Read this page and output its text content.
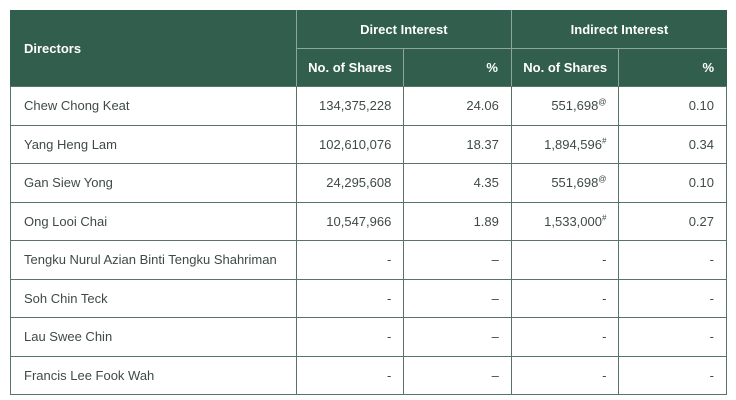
Directors	Direct Interest		Indirect Interest	
	No. of Shares	%	No. of Shares	%
Chew Chong Keat	134,375,228	24.06	551,698@	0.10
Yang Heng Lam	102,610,076	18.37	1,894,596#	0.34
Gan Siew Yong	24,295,608	4.35	551,698@	0.10
Ong Looi Chai	10,547,966	1.89	1,533,000#	0.27
Tengku Nurul Azian Binti Tengku Shahriman	-	–	-	-
Soh Chin Teck	-	–	-	-
Lau Swee Chin	-	–	-	-
Francis Lee Fook Wah	-	–	-	-
